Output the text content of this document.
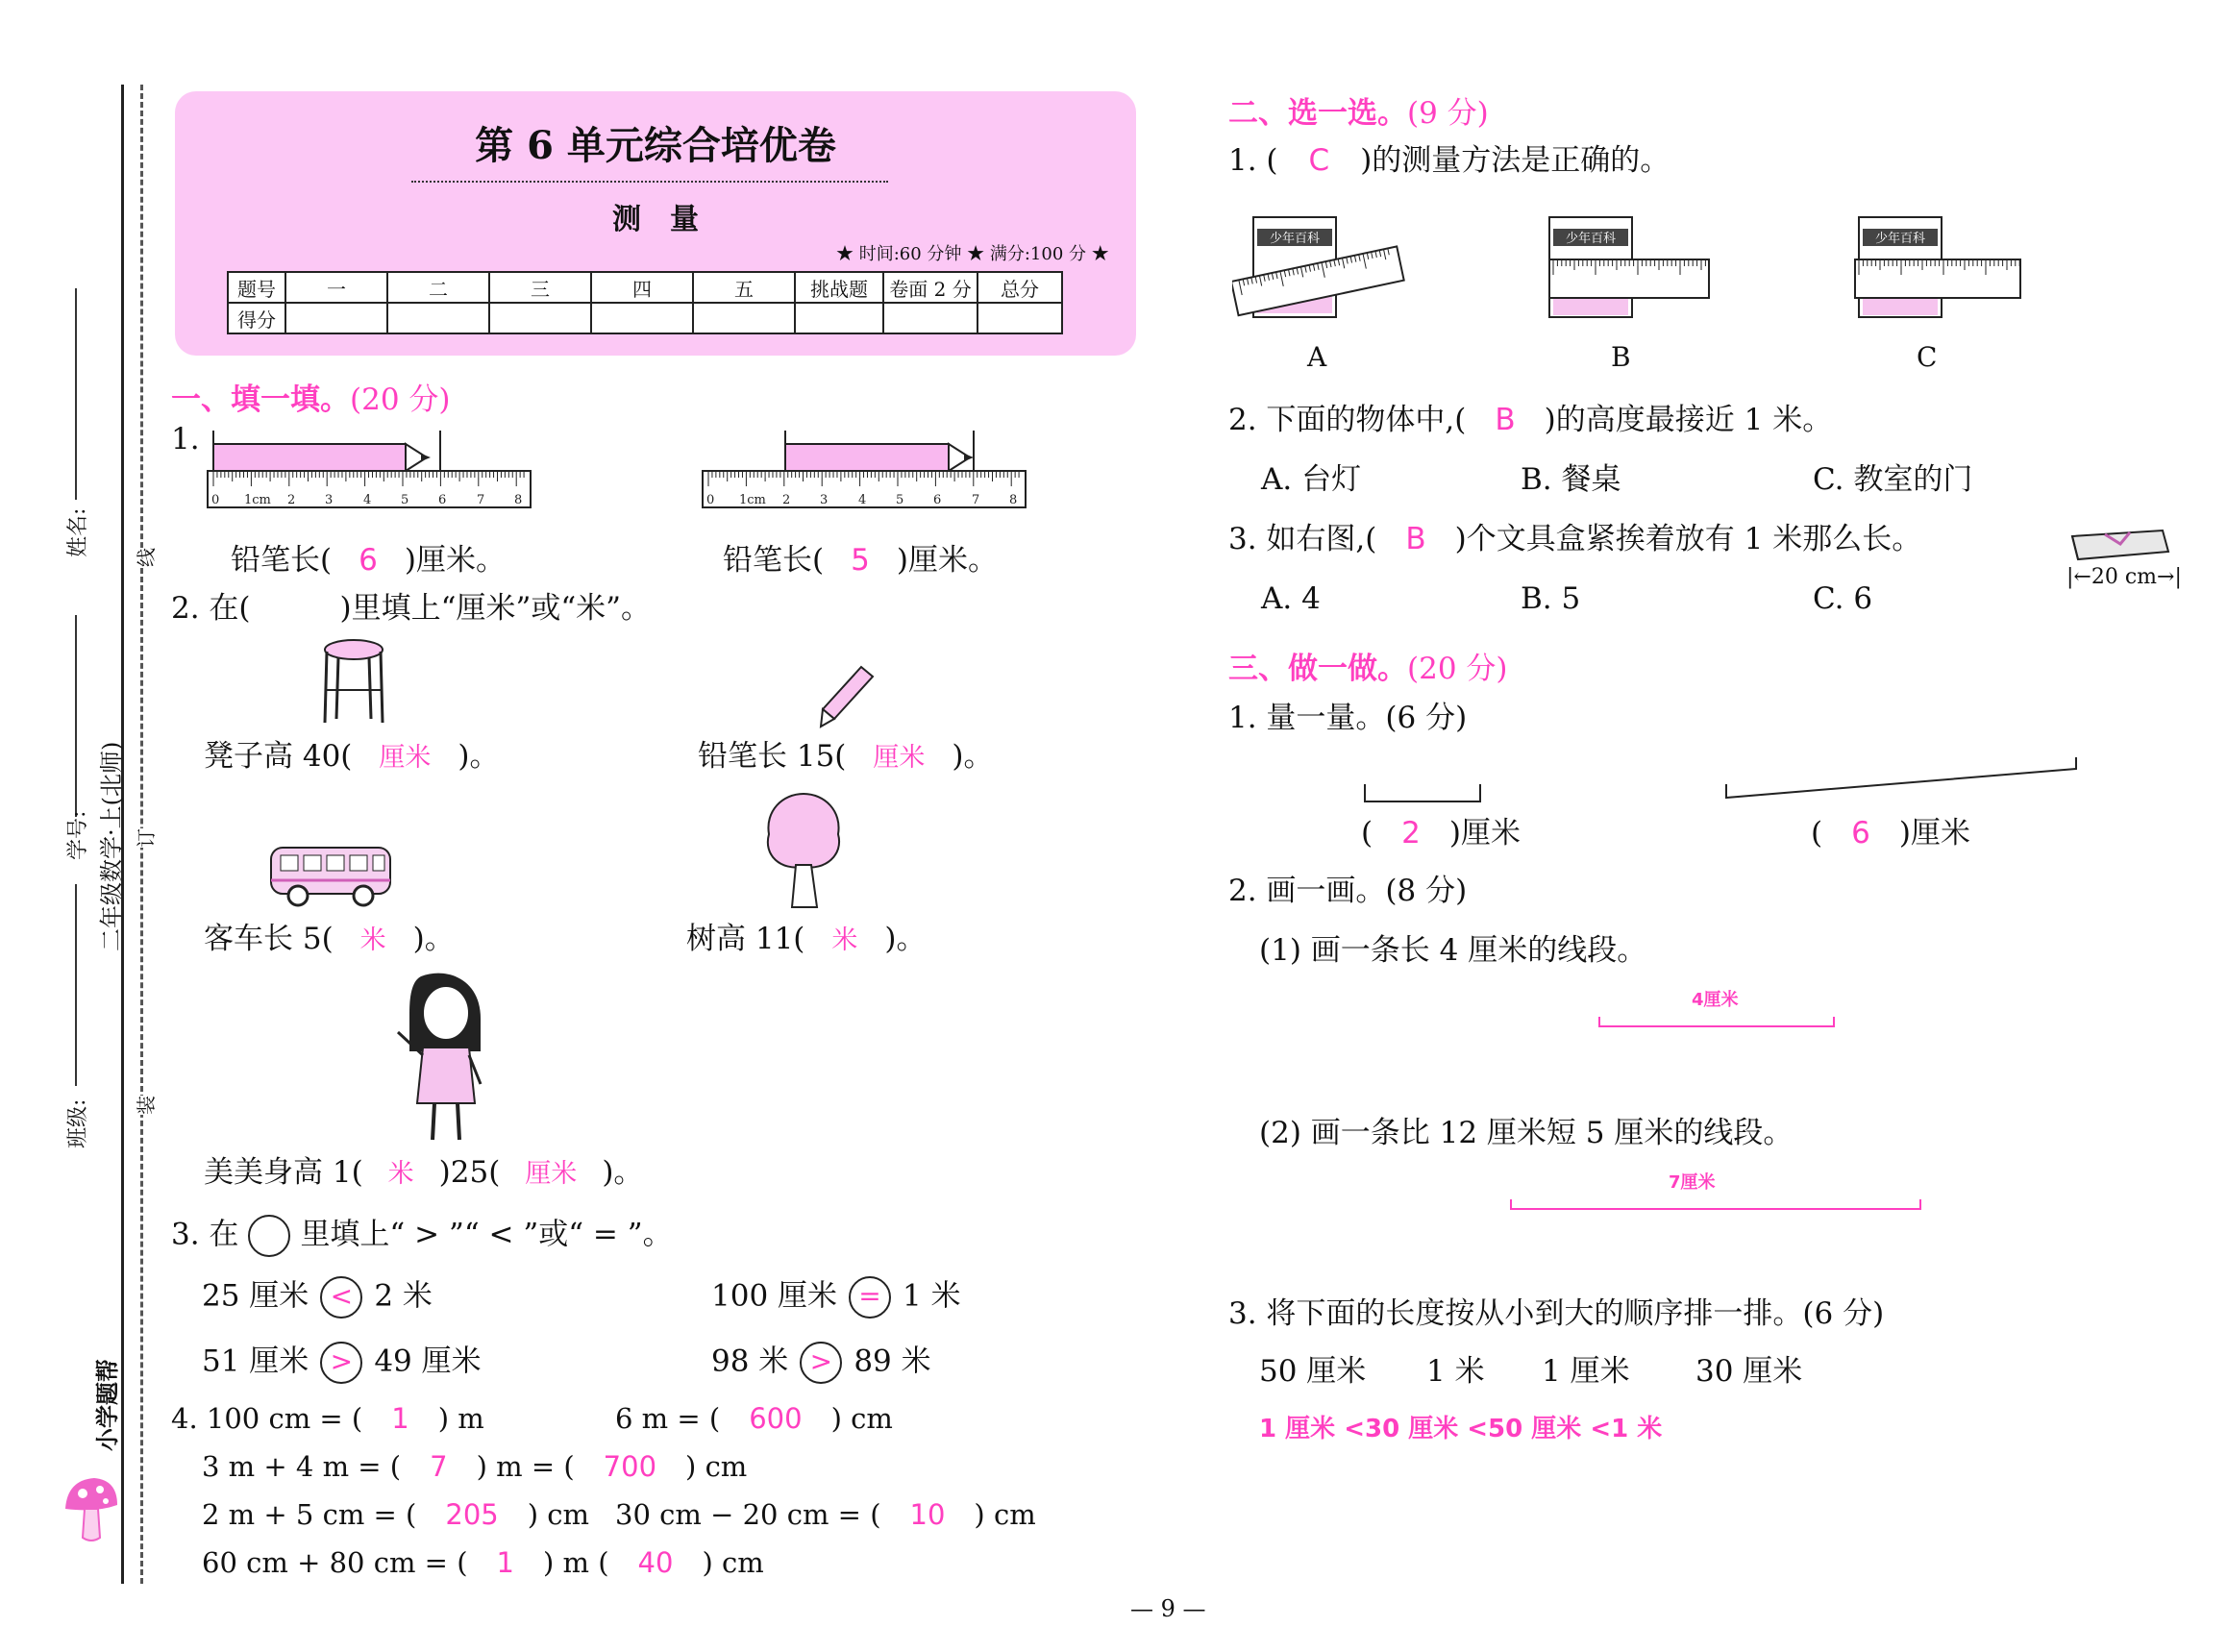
线
订
装
姓名:
学号: 二年级数学·上(北师)
班级:
小学题帮
第 6 单元综合培优卷
测　量
★ 时间:60 分钟 ★ 满分:100 分 ★
题号	一	二	三	四	五	挑战题	卷面 2 分	总分
得分								
一、填一填。(20 分)
1.
0 1cm 2 3 4 5 6 7 8	0 1cm 2 3 4 5 6 7 8
铅笔长( 6 )厘米。	铅笔长( 5 )厘米。
2. 在(　　　)里填上“厘米”或“米”。
凳子高 40( 厘米 )。	铅笔长 15( 厘米 )。
客车长 5( 米 )。	树高 11( 米 )。
美美身高 1( 米 )25( 厘米 )。
3. 在 里填上“ > ”“ < ”或“ = ”。
25 厘米 < 2 米	100 厘米 = 1 米
51 厘米 > 49 厘米	98 米 > 89 米
4. 100 cm = ( 1 ) m	6 m = ( 600 ) cm
3 m + 4 m = ( 7 ) m = ( 700 ) cm
2 m + 5 cm = ( 205 ) cm 30 cm − 20 cm = ( 10 ) cm
60 cm + 80 cm = ( 1 ) m ( 40 ) cm
二、选一选。(9 分)
1. ( C )的测量方法是正确的。
少年百科	少年百科	少年百科
A	B	C
2. 下面的物体中,( B )的高度最接近 1 米。
A. 台灯	B. 餐桌	C. 教室的门
3. 如右图,( B )个文具盒紧挨着放有 1 米那么长。
|←20 cm→|
A. 4	B. 5	C. 6
三、做一做。(20 分)
1. 量一量。(6 分)
( 2 )厘米	( 6 )厘米
2. 画一画。(8 分)
(1) 画一条长 4 厘米的线段。
4厘米
(2) 画一条比 12 厘米短 5 厘米的线段。
7厘米
3. 将下面的长度按从小到大的顺序排一排。(6 分)
50 厘米 1 米 1 厘米 30 厘米
1 厘米 <30 厘米 <50 厘米 <1 米
— 9 —
